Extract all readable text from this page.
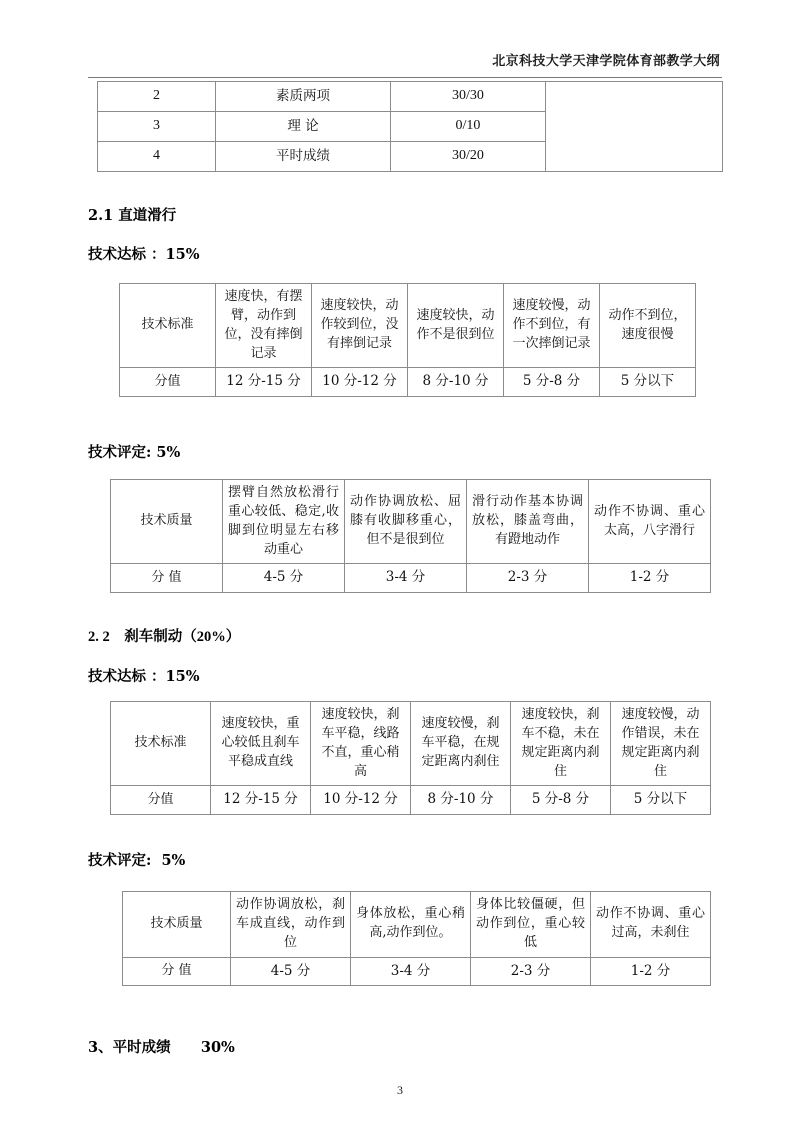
北京科技大学天津学院体育部教学大纲
2	素质两项	30/30	
3	理 论	0/10	
4	平时成绩	30/20	
2.1 直道滑行
技术达标 ：15%
技术标准	速度快，有摆臂，动作到位，没有摔倒记录	速度较快，动作较到位，没有摔倒记录	速度较快，动作不是很到位	速度较慢，动作不到位，有一次摔倒记录	动作不到位，速度很慢
分值	12 分-15 分	10 分-12 分	8 分-10 分	5 分-8 分	5 分以下
技术评定: 5%
技术质量	摆臂自然放松滑行重心较低、稳定,收脚到位明显左右移动重心	动作协调放松、屈膝有收脚移重心，但不是很到位	滑行动作基本协调放松，膝盖弯曲，有蹬地动作	动作不协调、重心太高，八字滑行
分 值	4-5 分	3-4 分	2-3 分	1-2 分
2. 2    刹车制动（20%）
技术达标 ：15%
技术标准	速度较快，重心较低且刹车平稳成直线	速度较快，刹车平稳，线路不直，重心稍高	速度较慢，刹车平稳，在规定距离内刹住	速度较快，刹车不稳，未在规定距离内刹住	速度较慢，动作错误，未在规定距离内刹住
分值	12 分-15 分	10 分-12 分	8 分-10 分	5 分-8 分	5 分以下
技术评定:  5%
技术质量	动作协调放松，刹车成直线，动作到位	身体放松，重心稍高,动作到位。	身体比较僵硬，但动作到位，重心较低	动作不协调、重心过高，未刹住
分 值	4-5 分	3-4 分	2-3 分	1-2 分
3、平时成绩      30%
3
